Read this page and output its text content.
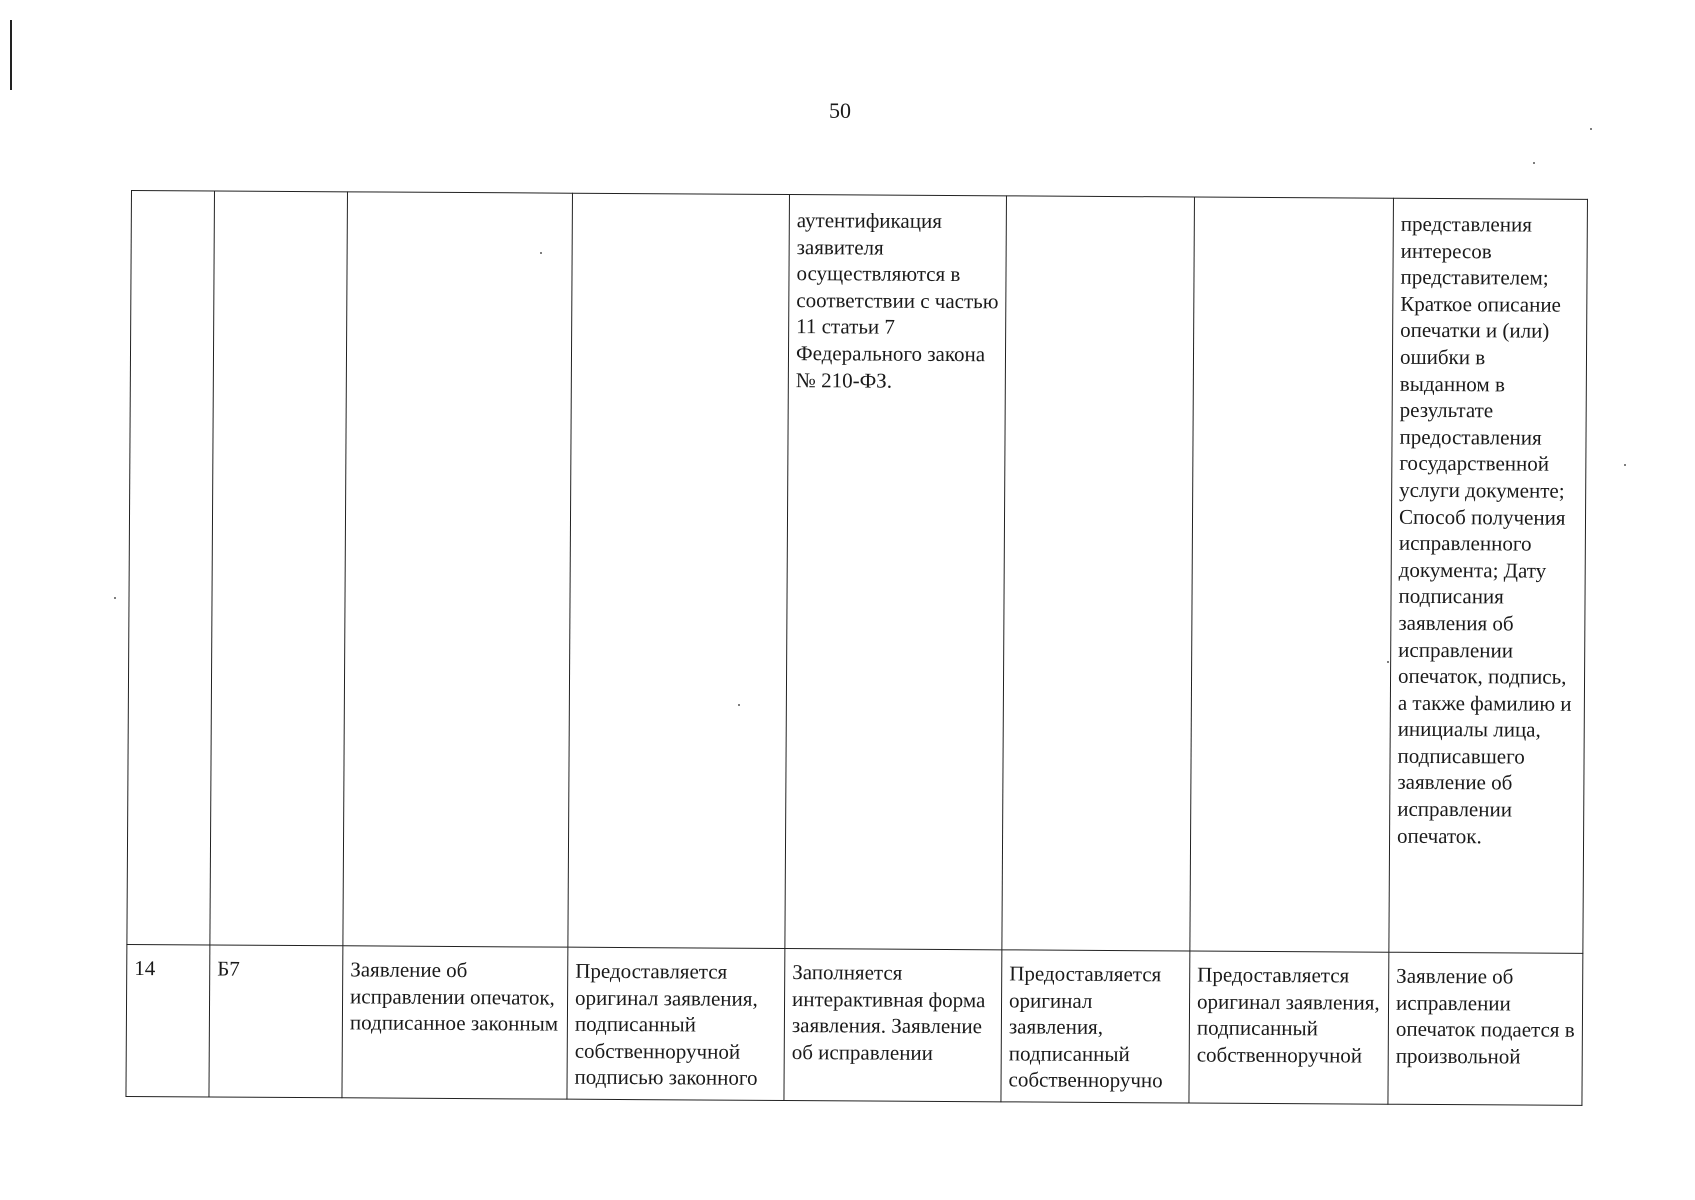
50
				аутентификация заявителя осуществляются в соответствии с частью 11 статьи 7 Федерального закона № 210-ФЗ.			представления интересов представителем; Краткое описание опечатки и (или) ошибки в выданном в результате предоставления государственной услуги документе; Способ получения исправленного документа; Дату подписания заявления об исправлении опечаток, подпись, а также фамилию и инициалы лица, подписавшего заявление об исправлении опечаток.
14	Б7	Заявление об исправлении опечаток, подписанное законным	Предоставляется оригинал заявления, подписанный собственноручной подписью законного	Заполняется интерактивная форма заявления. Заявление об исправлении	Предоставляется оригинал заявления, подписанный собственноручно	Предоставляется оригинал заявления, подписанный собственноручной	Заявление об исправлении опечаток подается в произвольной
